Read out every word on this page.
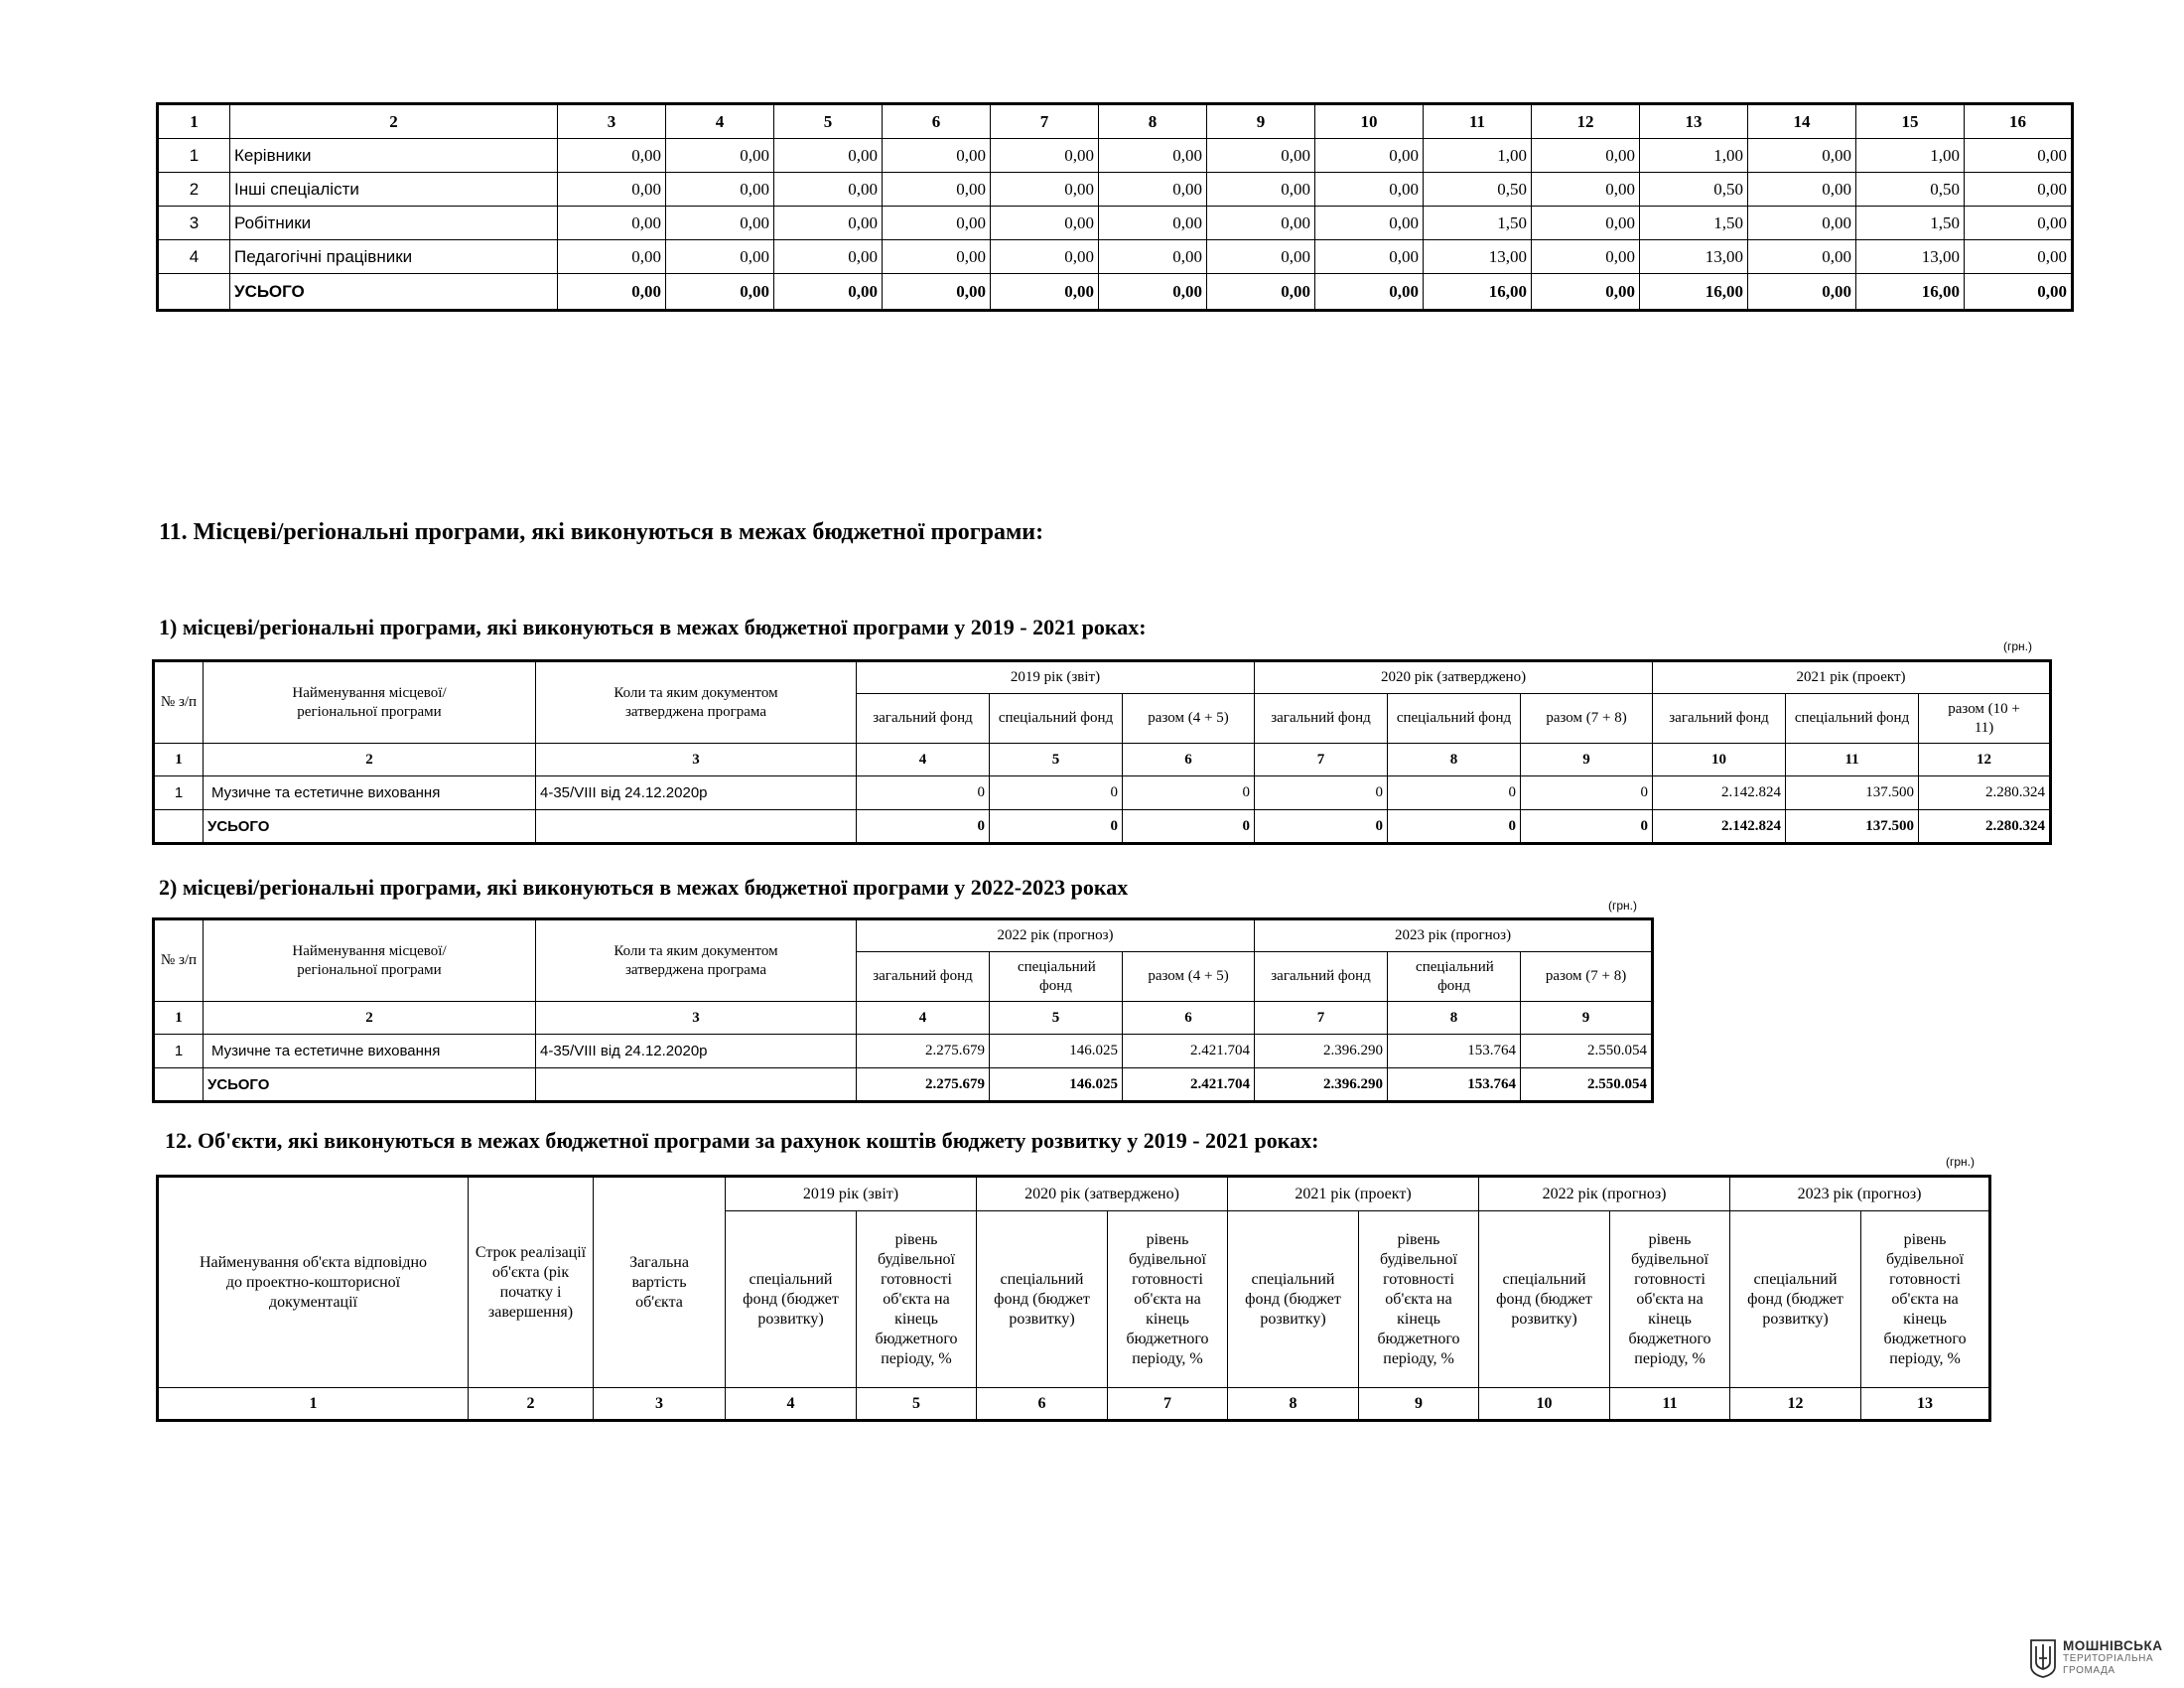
1	2	3	4	5	6	7	8	9	10	11	12	13	14	15	16
1	Керівники	0,00	0,00	0,00	0,00	0,00	0,00	0,00	0,00	1,00	0,00	1,00	0,00	1,00	0,00
2	Інші спеціалісти	0,00	0,00	0,00	0,00	0,00	0,00	0,00	0,00	0,50	0,00	0,50	0,00	0,50	0,00
3	Робітники	0,00	0,00	0,00	0,00	0,00	0,00	0,00	0,00	1,50	0,00	1,50	0,00	1,50	0,00
4	Педагогічні працівники	0,00	0,00	0,00	0,00	0,00	0,00	0,00	0,00	13,00	0,00	13,00	0,00	13,00	0,00
	УСЬОГО	0,00	0,00	0,00	0,00	0,00	0,00	0,00	0,00	16,00	0,00	16,00	0,00	16,00	0,00
11. Місцеві/регіональні програми, які виконуються в межах бюджетної програми:
1) місцеві/регіональні програми, які виконуються в межах бюджетної програми у 2019 - 2021 роках:
(грн.)
№ з/п	Найменування місцевої/регіональної програми	Коли та яким документом затверджена програма	2019 рік (звіт)			2020 рік (затверджено)			2021 рік (проект)		
			загальний фонд	спеціальний фонд	разом (4 + 5)	загальний фонд	спеціальний фонд	разом (7 + 8)	загальний фонд	спеціальний фонд	разом (10 + 11)
1	2	3	4	5	6	7	8	9	10	11	12
1	Музичне та естетичне виховання	4-35/VIII від 24.12.2020р	0	0	0	0	0	0	2.142.824	137.500	2.280.324
	УСЬОГО		0	0	0	0	0	0	2.142.824	137.500	2.280.324
2) місцеві/регіональні програми, які виконуються в межах бюджетної програми у 2022-2023 роках
(грн.)
№ з/п	Найменування місцевої/регіональної програми	Коли та яким документом затверджена програма	2022 рік (прогноз)			2023 рік (прогноз)		
			загальний фонд	спеціальний фонд	разом (4 + 5)	загальний фонд	спеціальний фонд	разом (7 + 8)
1	2	3	4	5	6	7	8	9
1	Музичне та естетичне виховання	4-35/VIII від 24.12.2020р	2.275.679	146.025	2.421.704	2.396.290	153.764	2.550.054
	УСЬОГО		2.275.679	146.025	2.421.704	2.396.290	153.764	2.550.054
12. Об'єкти, які виконуються в межах бюджетної програми за рахунок коштів бюджету розвитку у 2019 - 2021 роках:
(грн.)
Найменування об'єкта відповідно до проектно-кошторисної документації	Строк реалізації об'єкта (рік початку і завершення)	Загальна вартість об'єкта	2019 рік (звіт)		2020 рік (затверджено)		2021 рік (проект)		2022 рік (прогноз)		2023 рік (прогноз)	
			спеціальний фонд (бюджет розвитку)	рівень будівельної готовності об'єкта на кінець бюджетного періоду, %	спеціальний фонд (бюджет розвитку)	рівень будівельної готовності об'єкта на кінець бюджетного періоду, %	спеціальний фонд (бюджет розвитку)	рівень будівельної готовності об'єкта на кінець бюджетного періоду, %	спеціальний фонд (бюджет розвитку)	рівень будівельної готовності об'єкта на кінець бюджетного періоду, %	спеціальний фонд (бюджет розвитку)	рівень будівельної готовності об'єкта на кінець бюджетного періоду, %
1	2	3	4	5	6	7	8	9	10	11	12	13
МОШНІВСЬКА
ТЕРИТОРІАЛЬНА
ГРОМАДА
